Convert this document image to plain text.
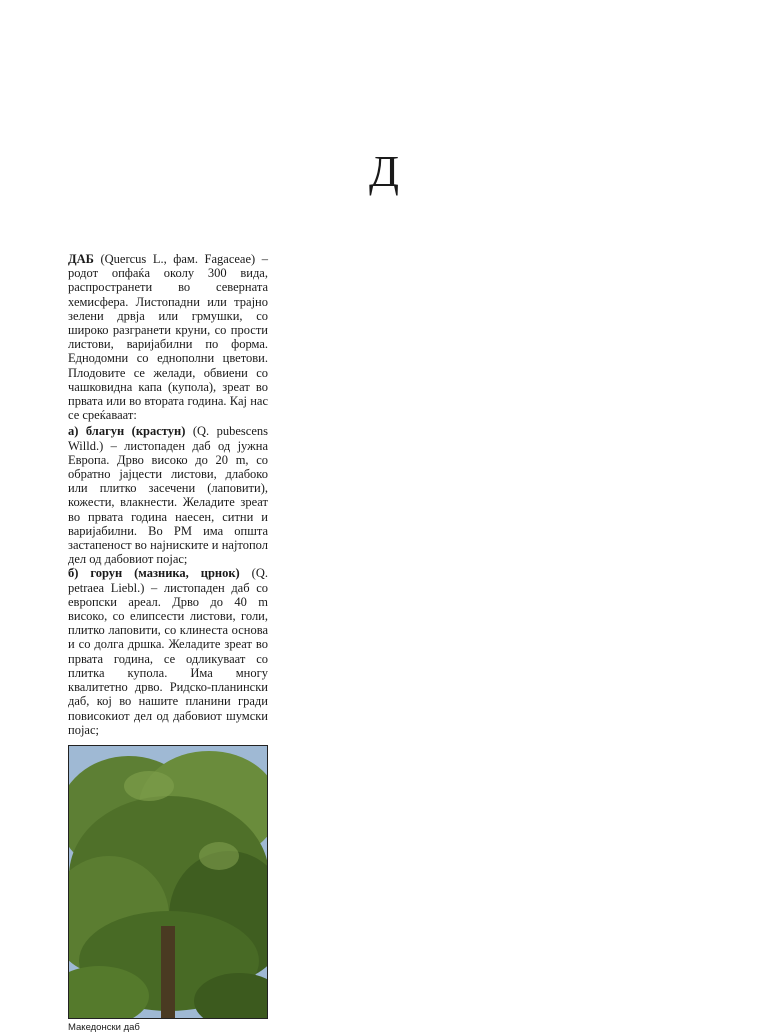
Д

ДАБ (Quercus L., фам. Fagaceae) – родот опфаќа околу 300 вида, распространети во северната хемисфера. Листопадни или трајно зелени дрвја или грмушки, со широко разгранети круни, со прости листови, варијабилни по форма. Еднодомни со еднополни цветови. Плодовите се желади, обвиени со чашковидна капа (купола), зреат во првата или во втората година. Кај нас се среќаваат:

а) благун (крастун) (Q. pubescens Willd.) – листопаден даб од јужна Европа. Дрво високо до 20 m, со обратно јајцести листови, длабоко или плитко засечени (лаповити), кожести, влакнести. Желадите зреат во првата година наесен, ситни и варијабилни. Во РМ има општа застапеност во најниските и најтопол дел од дабовиот појас;

б) горун (мазника, црнок) (Q. petraea Liebl.) – листопаден даб со европски ареал. Дрво до 40 m високо, со елипсести листови, голи, плитко лаповити, со клинеста основа и со долга дршка. Желадите зреат во првата година, се одликуваат со плитка купола. Има многу квалитетно дрво. Ридско-планински даб, кој во нашите планини гради повисокиот дел од дабовиот шумски појас;

Македонски даб
